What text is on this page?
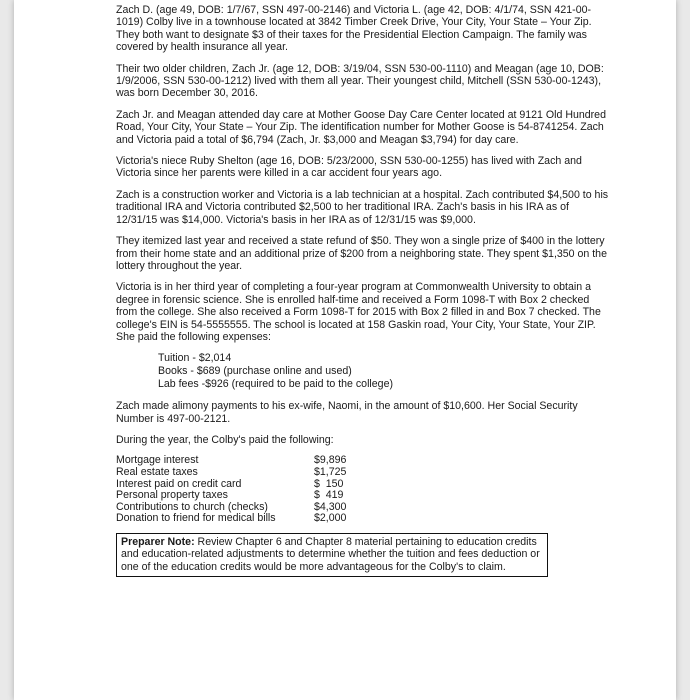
Zach D. (age 49, DOB: 1/7/67, SSN 497-00-2146) and Victoria L. (age 42, DOB: 4/1/74, SSN 421-00-1019) Colby live in a townhouse located at 3842 Timber Creek Drive, Your City, Your State – Your Zip. They both want to designate $3 of their taxes for the Presidential Election Campaign. The family was covered by health insurance all year.

Their two older children, Zach Jr. (age 12, DOB: 3/19/04, SSN 530-00-1110) and Meagan (age 10, DOB: 1/9/2006, SSN 530-00-1212) lived with them all year. Their youngest child, Mitchell (SSN 530-00-1243), was born December 30, 2016.

Zach Jr. and Meagan attended day care at Mother Goose Day Care Center located at 9121 Old Hundred Road, Your City, Your State – Your Zip. The identification number for Mother Goose is 54-8741254. Zach and Victoria paid a total of $6,794 (Zach, Jr. $3,000 and Meagan $3,794) for day care.

Victoria's niece Ruby Shelton (age 16, DOB: 5/23/2000, SSN 530-00-1255) has lived with Zach and Victoria since her parents were killed in a car accident four years ago.

Zach is a construction worker and Victoria is a lab technician at a hospital. Zach contributed $4,500 to his traditional IRA and Victoria contributed $2,500 to her traditional IRA. Zach's basis in his IRA as of 12/31/15 was $14,000. Victoria's basis in her IRA as of 12/31/15 was $9,000.

They itemized last year and received a state refund of $50. They won a single prize of $400 in the lottery from their home state and an additional prize of $200 from a neighboring state. They spent $1,350 on the lottery throughout the year.

Victoria is in her third year of completing a four-year program at Commonwealth University to obtain a degree in forensic science. She is enrolled half-time and received a Form 1098-T with Box 2 checked from the college. She also received a Form 1098-T for 2015 with Box 2 filled in and Box 7 checked. The college's EIN is 54-5555555. The school is located at 158 Gaskin road, Your City, Your State, Your ZIP. She paid the following expenses:

Tuition - $2,014
Books - $689 (purchase online and used)
Lab fees -$926 (required to be paid to the college)

Zach made alimony payments to his ex-wife, Naomi, in the amount of $10,600. Her Social Security Number is 497-00-2121.

During the year, the Colby's paid the following:

Mortgage interest	$9,896
Real estate taxes	$1,725
Interest paid on credit card	$  150
Personal property taxes	$  419
Contributions to church (checks)	$4,300
Donation to friend for medical bills	$2,000
Preparer Note: Review Chapter 6 and Chapter 8 material pertaining to education credits and education-related adjustments to determine whether the tuition and fees deduction or one of the education credits would be more advantageous for the Colby's to claim.
